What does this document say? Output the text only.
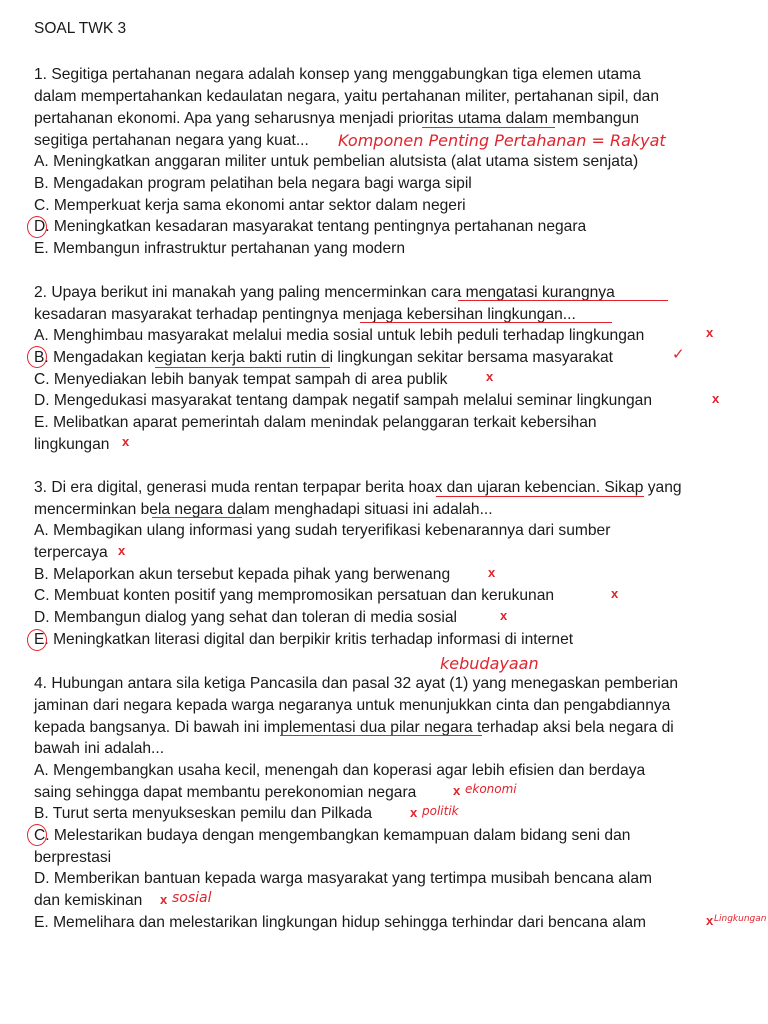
SOAL TWK 3
1. Segitiga pertahanan negara adalah konsep yang menggabungkan tiga elemen utama
dalam mempertahankan kedaulatan negara, yaitu pertahanan militer, pertahanan sipil, dan
pertahanan ekonomi. Apa yang seharusnya menjadi prioritas utama dalam membangun
segitiga pertahanan negara yang kuat...
A. Meningkatkan anggaran militer untuk pembelian alutsista (alat utama sistem senjata)
B. Mengadakan program pelatihan bela negara bagi warga sipil
C. Memperkuat kerja sama ekonomi antar sektor dalam negeri
D. Meningkatkan kesadaran masyarakat tentang pentingnya pertahanan negara
E. Membangun infrastruktur pertahanan yang modern
Komponen Penting Pertahanan = Rakyat
2. Upaya berikut ini manakah yang paling mencerminkan cara mengatasi kurangnya
kesadaran masyarakat terhadap pentingnya menjaga kebersihan lingkungan...
A. Menghimbau masyarakat melalui media sosial untuk lebih peduli terhadap lingkungan
B. Mengadakan kegiatan kerja bakti rutin di lingkungan sekitar bersama masyarakat
C. Menyediakan lebih banyak tempat sampah di area publik
D. Mengedukasi masyarakat tentang dampak negatif sampah melalui seminar lingkungan
E. Melibatkan aparat pemerintah dalam menindak pelanggaran terkait kebersihan
lingkungan
x
✓
x
x
x
3. Di era digital, generasi muda rentan terpapar berita hoax dan ujaran kebencian. Sikap yang
mencerminkan bela negara dalam menghadapi situasi ini adalah...
A. Membagikan ulang informasi yang sudah teryerifikasi kebenarannya dari sumber
terpercaya
B. Melaporkan akun tersebut kepada pihak yang berwenang
C. Membuat konten positif yang mempromosikan persatuan dan kerukunan
D. Membangun dialog yang sehat dan toleran di media sosial
E. Meningkatkan literasi digital dan berpikir kritis terhadap informasi di internet
x
x
x
x
kebudayaan
4. Hubungan antara sila ketiga Pancasila dan pasal 32 ayat (1) yang menegaskan pemberian
jaminan dari negara kepada warga negaranya untuk menunjukkan cinta dan pengabdiannya
kepada bangsanya. Di bawah ini implementasi dua pilar negara terhadap aksi bela negara di
bawah ini adalah...
A. Mengembangkan usaha kecil, menengah dan koperasi agar lebih efisien dan berdaya
saing sehingga dapat membantu perekonomian negara
B. Turut serta menyukseskan pemilu dan Pilkada
C. Melestarikan budaya dengan mengembangkan kemampuan dalam bidang seni dan
berprestasi
D. Memberikan bantuan kepada warga masyarakat yang tertimpa musibah bencana alam
dan kemiskinan
E. Memelihara dan melestarikan lingkungan hidup sehingga terhindar dari bencana alam
x ekonomi
x politik
x sosial
x Lingkungan
